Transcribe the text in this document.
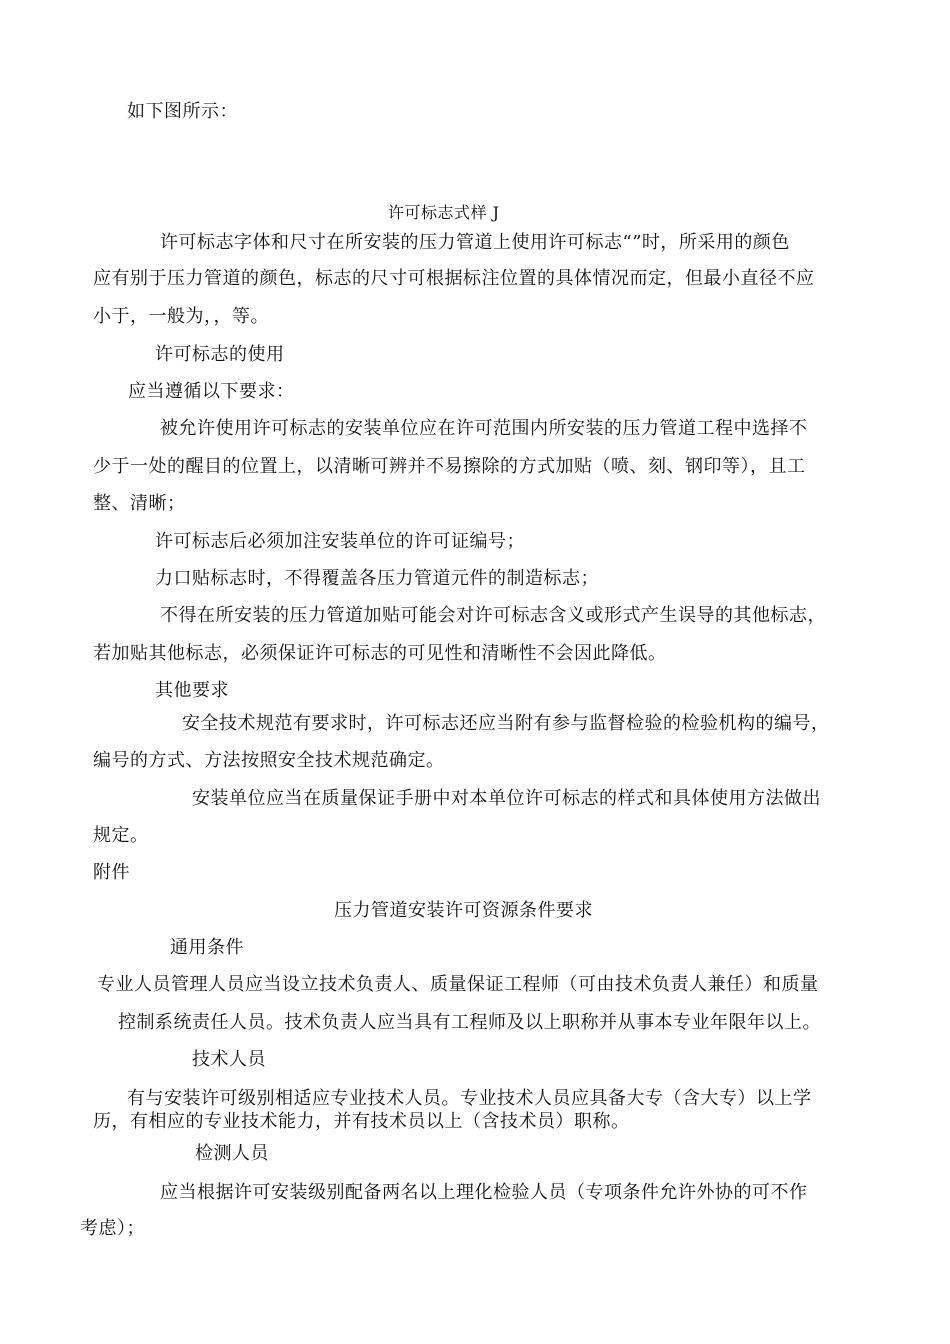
如下图所示：
许可标志式样 J
许可标志字体和尺寸在所安装的压力管道上使用许可标志“”时，所采用的颜色
应有别于压力管道的颜色，标志的尺寸可根据标注位置的具体情况而定，但最小直径不应
小于，一般为，，等。
许可标志的使用
应当遵循以下要求：
被允许使用许可标志的安装单位应在许可范围内所安装的压力管道工程中选择不
少于一处的醒目的位置上，以清晰可辨并不易擦除的方式加贴（喷、刻、钢印等），且工
整、清晰；
许可标志后必须加注安装单位的许可证编号；
力口贴标志时，不得覆盖各压力管道元件的制造标志；
不得在所安装的压力管道加贴可能会对许可标志含义或形式产生误导的其他标志，
若加贴其他标志，必须保证许可标志的可见性和清晰性不会因此降低。
其他要求
安全技术规范有要求时，许可标志还应当附有参与监督检验的检验机构的编号，
编号的方式、方法按照安全技术规范确定。
安装单位应当在质量保证手册中对本单位许可标志的样式和具体使用方法做出
规定。
附件
压力管道安装许可资源条件要求
通用条件
专业人员管理人员应当设立技术负责人、质量保证工程师（可由技术负责人兼任）和质量
控制系统责任人员。技术负责人应当具有工程师及以上职称并从事本专业年限年以上。
技术人员
有与安装许可级别相适应专业技术人员。专业技术人员应具备大专（含大专）以上学
历，有相应的专业技术能力，并有技术员以上（含技术员）职称。
检测人员
应当根据许可安装级别配备两名以上理化检验人员（专项条件允许外协的可不作
考虑）；
